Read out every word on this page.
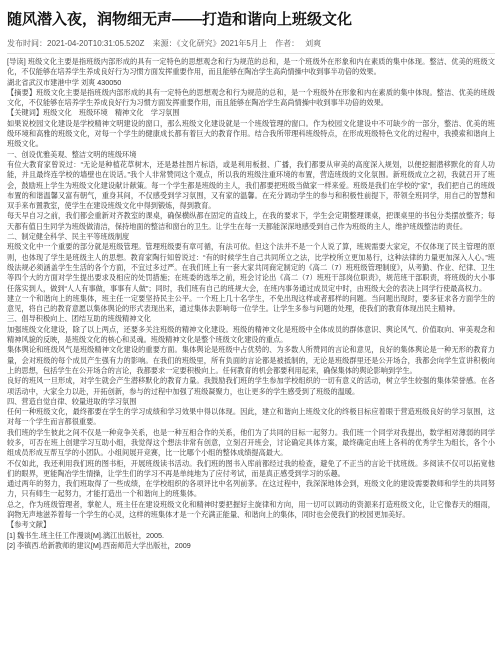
随风潜入夜，润物细无声——打造和谐向上班级文化
发布时间：2021-04-20T10:31:05.520Z 来源：《文化研究》2021年5月上 作者： 刘爽

[导读] 班级文化主要是指班级内部形成的具有一定特色的思想观念和行为规范的总和，是一个班级外在形象和内在素质的集中体现。整洁、优美的班级文化，不仅能够在培养学生养成良好行为习惯方面发挥重要作用，而且能够在陶冶学生高尚情操中收到事半功倍的效果。

湖北省武汉市建港中学 刘爽 430050

【摘要】班级文化主要是指班级内部形成的具有一定特色的思想观念和行为规范的总和，是一个班级外在形象和内在素质的集中体现。整洁、优美的班级文化，不仅能够在培养学生养成良好行为习惯方面发挥重要作用，而且能够在陶冶学生高尚情操中收到事半功倍的效果。

【关键词】班级文化　班级环境　精神文化　学习氛围

如果说校园文化建设是学校精神文明建设的窗口，那么班级文化建设就是一个班级管理的窗口。作为校园文化建设中不可缺少的一部分，整洁、优美的班级环境和高雅的班级文化，对每一个学生的健康成长都有着巨大的教育作用。结合我所带理科班级特点，在形成班级特色文化的过程中，我摸索和谐向上班级文化。

一、创设优雅美观、整洁文明的班级环境

有位大教育家曾说过：“无论是种植花草树木，还是悬挂图片标语，或是利用板报、广播，我们都要从审美的高度深入规划，以便挖掘潜移默化的育人功能，并且最终连学校的墙壁也在说话。”我个人非常赞同这个观点，所以我的班级注重环境的布置，营造班级的文化氛围。新班级成立之初，我就召开了班会，鼓励班上学生为班级文化建设献计献策。每一个学生都是班级的主人，我们都要把班级当做家一样来爱。班级是我们在学校的“家”，我们把自己的班级布置的和谐温馨又富有朝气，重身其间，不仅感受到学习氛围，又有家的温馨。在充分调动学生的参与和积极性前提下，带领全班同学，用自己的智慧和双手来布置教室，使学生在建设班级文化中得到锻炼，得到教育。

每天早自习之前，我们都会重新对齐教室的课桌，确保横纵都在固定的直线上，在我的要求下，学生会定期整理课桌，把课桌里的书包分类摆放整齐；每天都有值日生同学为班级做清洁，保持地面的整洁和窗台的卫生。让学生在每一天都能深深地感受到自己作为班级的主人，维护班级整洁的责任。

二、制定健全科学、民主平等班级制度

班级文化中一个重要的部分就是班级管理。管理班级要有章可循，有法可依。但这个法并不是一个人说了算，班规需要大家定，不仅体现了民主管理的原则，也体现了学生是班级主人的思想。教育家陶行知曾说过：“有的时候学生自己共同所立之法，比学校所立更加易行，这种法律的力量更加深入人心。”班级法规必须涵盖学生生活的各个方面，不宜过多过严。在我们班上有一套大家共同商定制定的《高二（7）班班级管理制度》，从考勤、作业、纪律、卫生等四个大的方面对学生提出要求及相应的处罚措施；在班委的选举之前，班会讨论出《高二（7）班班干部岗位职责》，规范班干部职责，将班级的大小事任落实到人，做到“人人有事做，事事有人做”；同时，我们班有自己的班规大会，在班内事务通过成员定中时，由班级大会的表决上同学行使最高权力。

建立一个和谐向上的班集体，班主任一定要坚持民主公平。一个班上几十名学生，不免出现这样或者那样的问题。当问题出现时，要多征求各方面学生的意见，将自己的教育意愿以集体舆论的形式表现出来，通过集体去影响每一位学生。让学生多参与问题的处理，使我们的教育体现出民主精神。

三、倡导积极向上、团结互助的班级精神文化

加强班级文化建设，除了以上两点，还要多关注班级的精神文化建设。班级的精神文化是班级中全体成员的群体意识、舆论风气、价值取向、审美观念和精神风貌的反映，是班级文化的核心和灵魂。班级精神文化是整个班级文化建设的重点。

集体舆论和班级风气是班级精神文化建设的重要方面。集体舆论是班级中占优势的、为多数人所赞同的言论和意见，良好的集体舆论是一种无形的教育力量，会对班级的每个成员产生强有力的影响。在我们的班级里，所有负面的言论都是被抵制的，无论是班级群里还是公开场合，我都会向学生宣讲积极向上的思想，包括学生在公开场合的言论，我都要求一定要积极向上。任何教育的机会都要利用起来，确保集体的舆论影响到学生。

良好的班风一旦形成，对学生就会产生潜移默化的教育力量。我鼓励我们班的学生参加学校组织的一切有意义的活动，树立学生较强的集体荣誉感。在各项活动中，大家全力以赴，开拓创新，参与的过程中加强了班级凝聚力，也让更多的学生感受到了班级的温暖。

四、营造自觉自律、较量进取的学习氛围

任何一种班级文化，最终都要在学生的学习成绩和学习效果中得以体现。因此，建立和谐向上班级文化的终极目标应着眼于营造班级良好的学习氛围，这对每一个学生而言都很重要。

我们班的学生彼此之间不仅是一种竞争关系，也是一种互相合作的关系，他们为了共同的目标一起努力。我们班一个同学对我提出，数学相对薄弱的同学较多，可否在班上创建学习互助小组，我觉得这个想法非常有创意，立刻召开班会，讨论确定具体方案，最终确定由班上各科的优秀学生为组长，各个小组成员形成互帮互学的小团队。小组间展开竞赛，比一比哪个小组的整体成绩提高最大。

不仅如此，我还利用我们班的图书柜，开展班级读书活动。我们班的图书入库前都经过我的检查，避免了不正当的言论干扰班级。多阅读不仅可以拓宽他们的眼界，更能陶冶学生情操，让学生们的学习不再是单纯地为了应付考试，而是真正感受到学习的乐趣。

通过两年的努力，我们班取得了一些成绩，在学校组织的各项评比中名列前茅。在这过程中，我深深地体会到，班级文化的建设需要教师和学生的共同努力，只有师生一起努力，才能打造出一个和谐向上的班集体。

总之，作为班级管理者，掌舵人，班主任在建设班级文化和精神时要把握好主旋律和方向，用一切可以调动的资源来打造班级文化，让它像春天的细雨，润物无声地滋养着每一个学生的心灵，这样的班集体才是一个充满正能量、和谐向上的集体，同时也会使我们的校园更加美好。

【参考文献】

[1] 魏书生.班主任工作漫谈[M].漓江出版社，2005.

[2] 李镇西.给新教师的建议[M].西南师范大学出版社，2009
